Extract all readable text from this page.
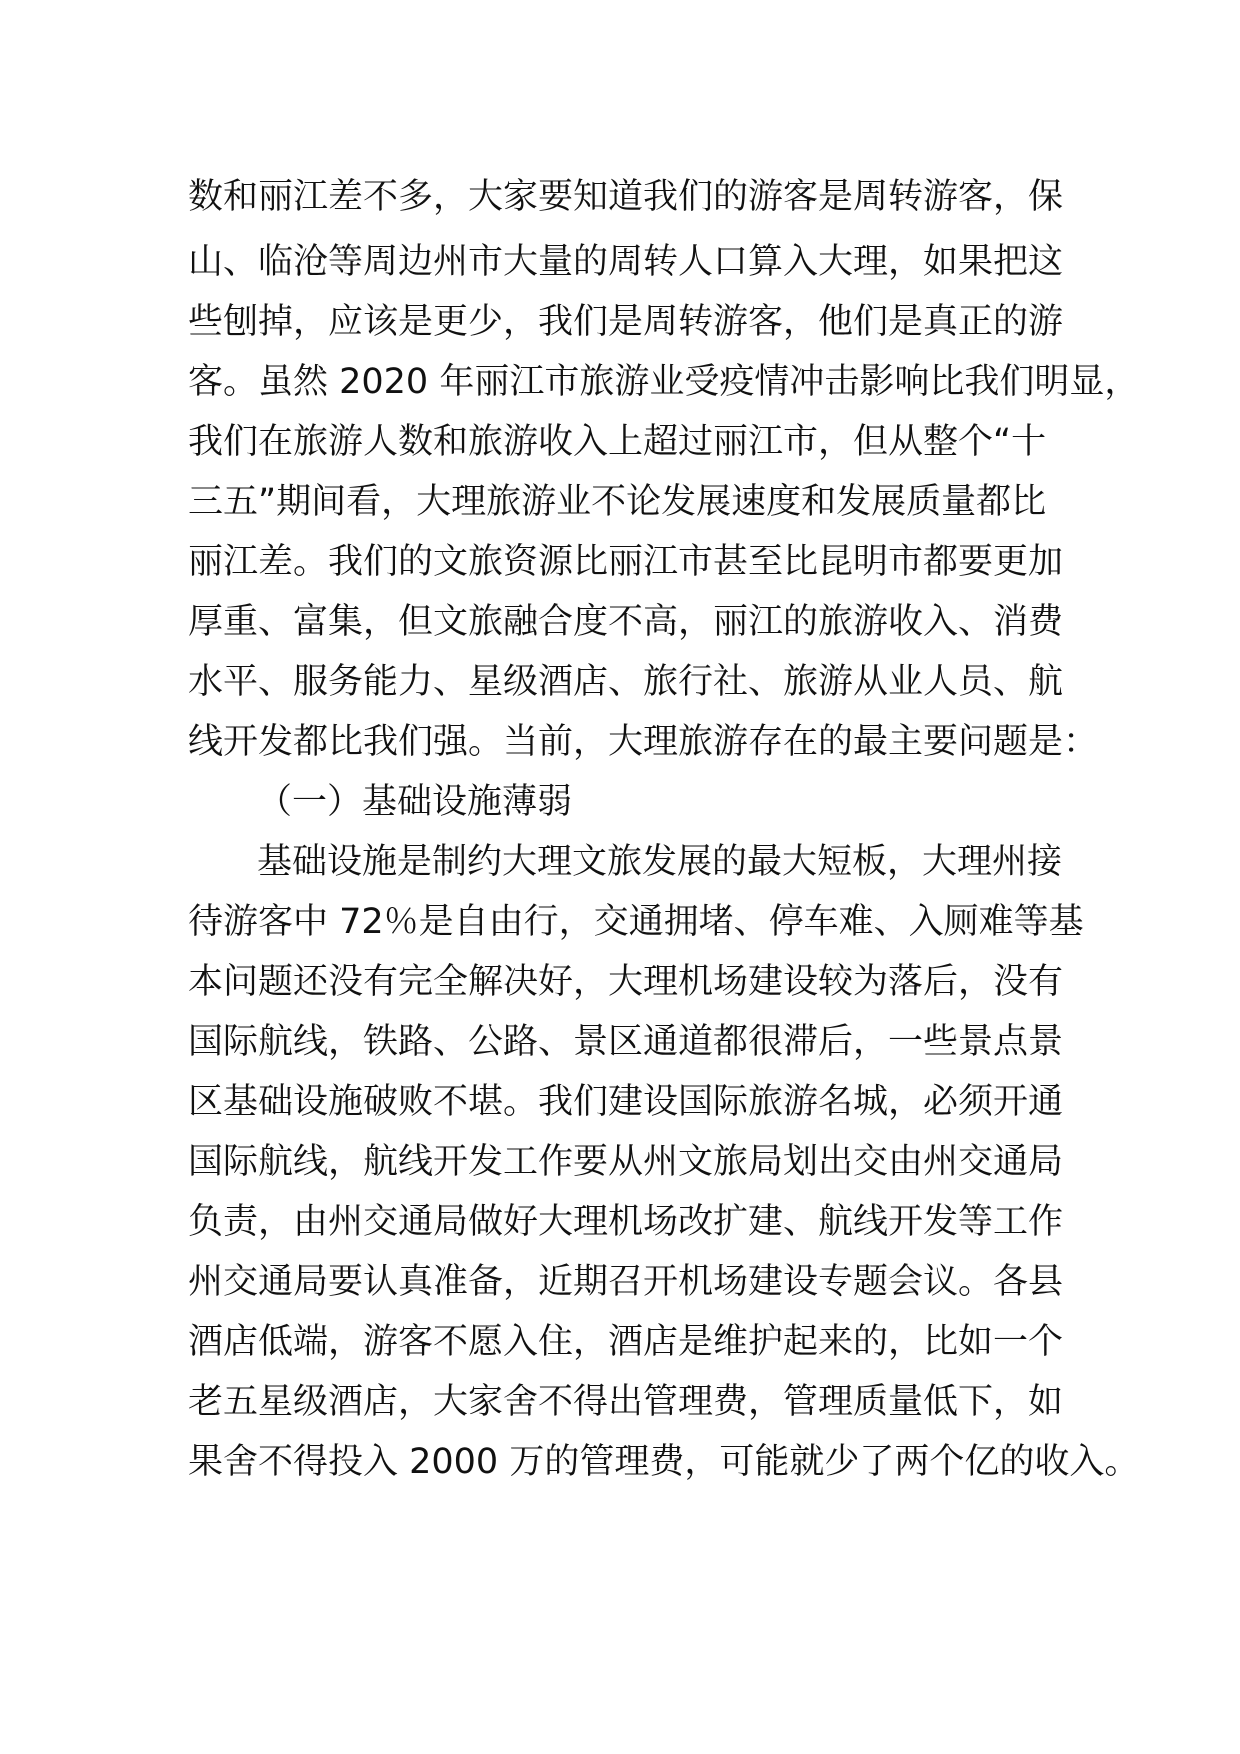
数和丽江差不多，大家要知道我们的游客是周转游客，保
山、临沧等周边州市大量的周转人口算入大理，如果把这
些刨掉，应该是更少，我们是周转游客，他们是真正的游
客。虽然 2020 年丽江市旅游业受疫情冲击影响比我们明显，
我们在旅游人数和旅游收入上超过丽江市，但从整个“十
三五”期间看，大理旅游业不论发展速度和发展质量都比
丽江差。我们的文旅资源比丽江市甚至比昆明市都要更加
厚重、富集，但文旅融合度不高，丽江的旅游收入、消费
水平、服务能力、星级酒店、旅行社、旅游从业人员、航
线开发都比我们强。当前，大理旅游存在的最主要问题是：
（一）基础设施薄弱
基础设施是制约大理文旅发展的最大短板，大理州接
待游客中 72％是自由行，交通拥堵、停车难、入厕难等基
本问题还没有完全解决好，大理机场建设较为落后，没有
国际航线，铁路、公路、景区通道都很滞后，一些景点景
区基础设施破败不堪。我们建设国际旅游名城，必须开通
国际航线，航线开发工作要从州文旅局划出交由州交通局
负责，由州交通局做好大理机场改扩建、航线开发等工作
州交通局要认真准备，近期召开机场建设专题会议。各县
酒店低端，游客不愿入住，酒店是维护起来的，比如一个
老五星级酒店，大家舍不得出管理费，管理质量低下，如
果舍不得投入 2000 万的管理费，可能就少了两个亿的收入。
